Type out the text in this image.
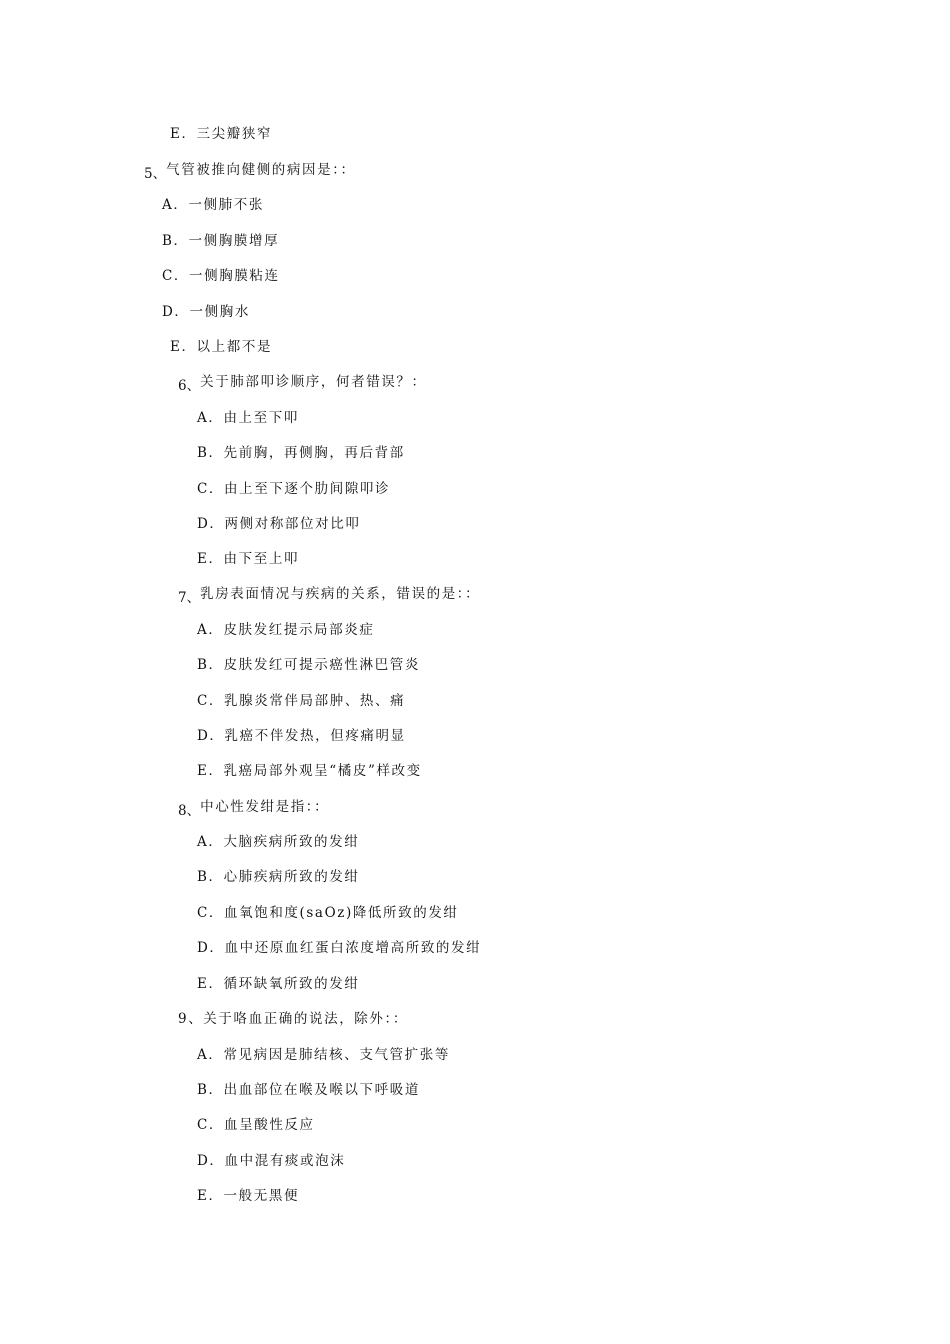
E．三尖瓣狭窄
5、气管被推向健侧的病因是：：
A．一侧肺不张
B．一侧胸膜增厚
C．一侧胸膜粘连
D．一侧胸水
E．以上都不是
6、关于肺部叩诊顺序，何者错误？：
A．由上至下叩
B．先前胸，再侧胸，再后背部
C．由上至下逐个肋间隙叩诊
D．两侧对称部位对比叩
E．由下至上叩
7、乳房表面情况与疾病的关系，错误的是：：
A．皮肤发红提示局部炎症
B．皮肤发红可提示癌性淋巴管炎
C．乳腺炎常伴局部肿、热、痛
D．乳癌不伴发热，但疼痛明显
E．乳癌局部外观呈“橘皮”样改变
8、中心性发绀是指：：
A．大脑疾病所致的发绀
B．心肺疾病所致的发绀
C．血氧饱和度(saOz)降低所致的发绀
D．血中还原血红蛋白浓度增高所致的发绀
E．循环缺氧所致的发绀
9、关于咯血正确的说法，除外：：
A．常见病因是肺结核、支气管扩张等
B．出血部位在喉及喉以下呼吸道
C．血呈酸性反应
D．血中混有痰或泡沫
E．一般无黑便
